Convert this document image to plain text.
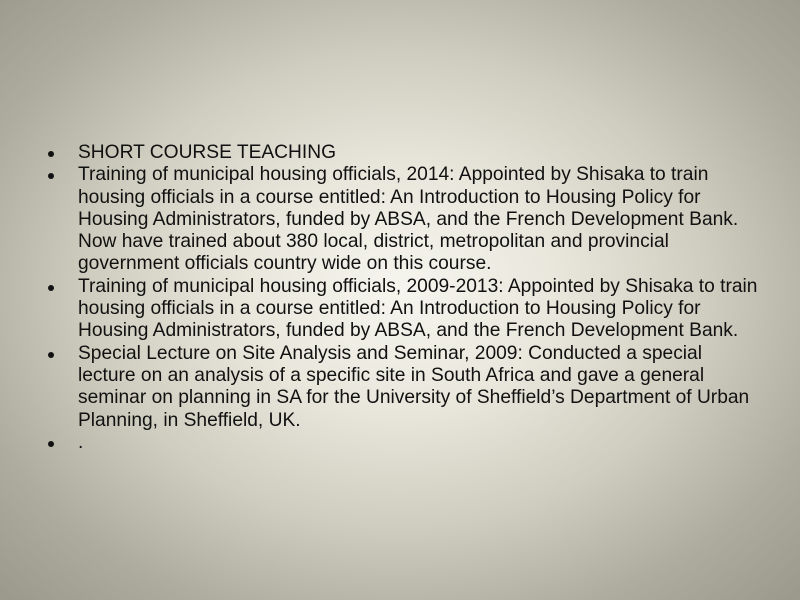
SHORT COURSE TEACHING
Training of municipal housing officials, 2014: Appointed by Shisaka to train housing officials in a course entitled: An Introduction to Housing Policy for Housing Administrators, funded by ABSA, and the French Development Bank. Now have trained about 380 local, district, metropolitan and provincial government officials country wide on this course.
Training of municipal housing officials, 2009-2013: Appointed by Shisaka to train housing officials in a course entitled: An Introduction to Housing Policy for Housing Administrators, funded by ABSA, and the French Development Bank.
Special Lecture on Site Analysis and Seminar, 2009: Conducted a special lecture on an analysis of a specific site in South Africa and gave a general seminar on planning in SA for the University of Sheffield’s Department of Urban Planning, in Sheffield, UK.
.
